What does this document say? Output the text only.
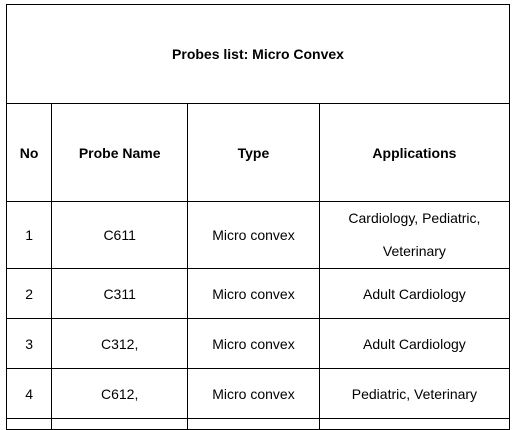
Probes list: Micro Convex			
No	Probe Name	Type	Applications
1	C611	Micro convex	Cardiology, Pediatric,
Veterinary

2	C311	Micro convex	Adult Cardiology
3	C312,	Micro convex	Adult Cardiology
4	C612,	Micro convex	Pediatric, Veterinary
